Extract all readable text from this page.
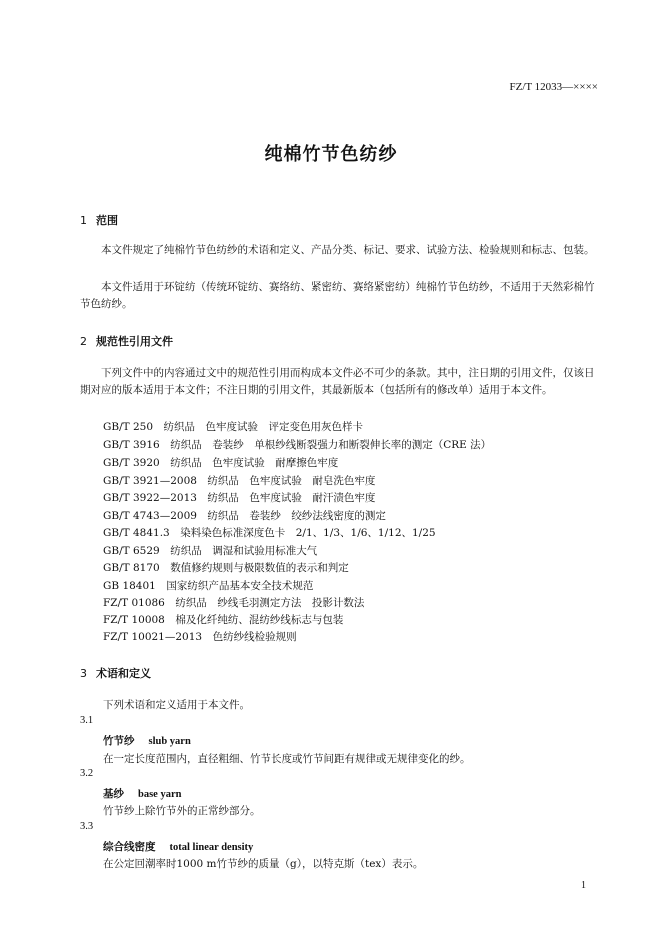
FZ/T 12033—××××
纯棉竹节色纺纱
1 范围
本文件规定了纯棉竹节色纺纱的术语和定义、产品分类、标记、要求、试验方法、检验规则和标志、包装。
本文件适用于环锭纺（传统环锭纺、赛络纺、紧密纺、赛络紧密纺）纯棉竹节色纺纱，不适用于天然彩棉竹节色纺纱。
2 规范性引用文件
下列文件中的内容通过文中的规范性引用而构成本文件必不可少的条款。其中，注日期的引用文件，仅该日期对应的版本适用于本文件；不注日期的引用文件，其最新版本（包括所有的修改单）适用于本文件。
GB/T 250　纺织品　色牢度试验　评定变色用灰色样卡
GB/T 3916　纺织品　卷装纱　单根纱线断裂强力和断裂伸长率的测定（CRE 法）
GB/T 3920　纺织品　色牢度试验　耐摩擦色牢度
GB/T 3921—2008　纺织品　色牢度试验　耐皂洗色牢度
GB/T 3922—2013　纺织品　色牢度试验　耐汗渍色牢度
GB/T 4743—2009　纺织品　卷装纱　绞纱法线密度的测定
GB/T 4841.3　染料染色标准深度色卡　2/1、1/3、1/6、1/12、1/25
GB/T 6529　纺织品　调湿和试验用标准大气
GB/T 8170　数值修约规则与极限数值的表示和判定
GB 18401　国家纺织产品基本安全技术规范
FZ/T 01086　纺织品　纱线毛羽测定方法　投影计数法
FZ/T 10008　棉及化纤纯纺、混纺纱线标志与包装
FZ/T 10021—2013　色纺纱线检验规则
3 术语和定义
下列术语和定义适用于本文件。
3.1
竹节纱 slub yarn
在一定长度范围内，直径粗细、竹节长度或竹节间距有规律或无规律变化的纱。
3.2
基纱 base yarn
竹节纱上除竹节外的正常纱部分。
3.3
综合线密度 total linear density
在公定回潮率时1000 m竹节纱的质量（g），以特克斯（tex）表示。
1
